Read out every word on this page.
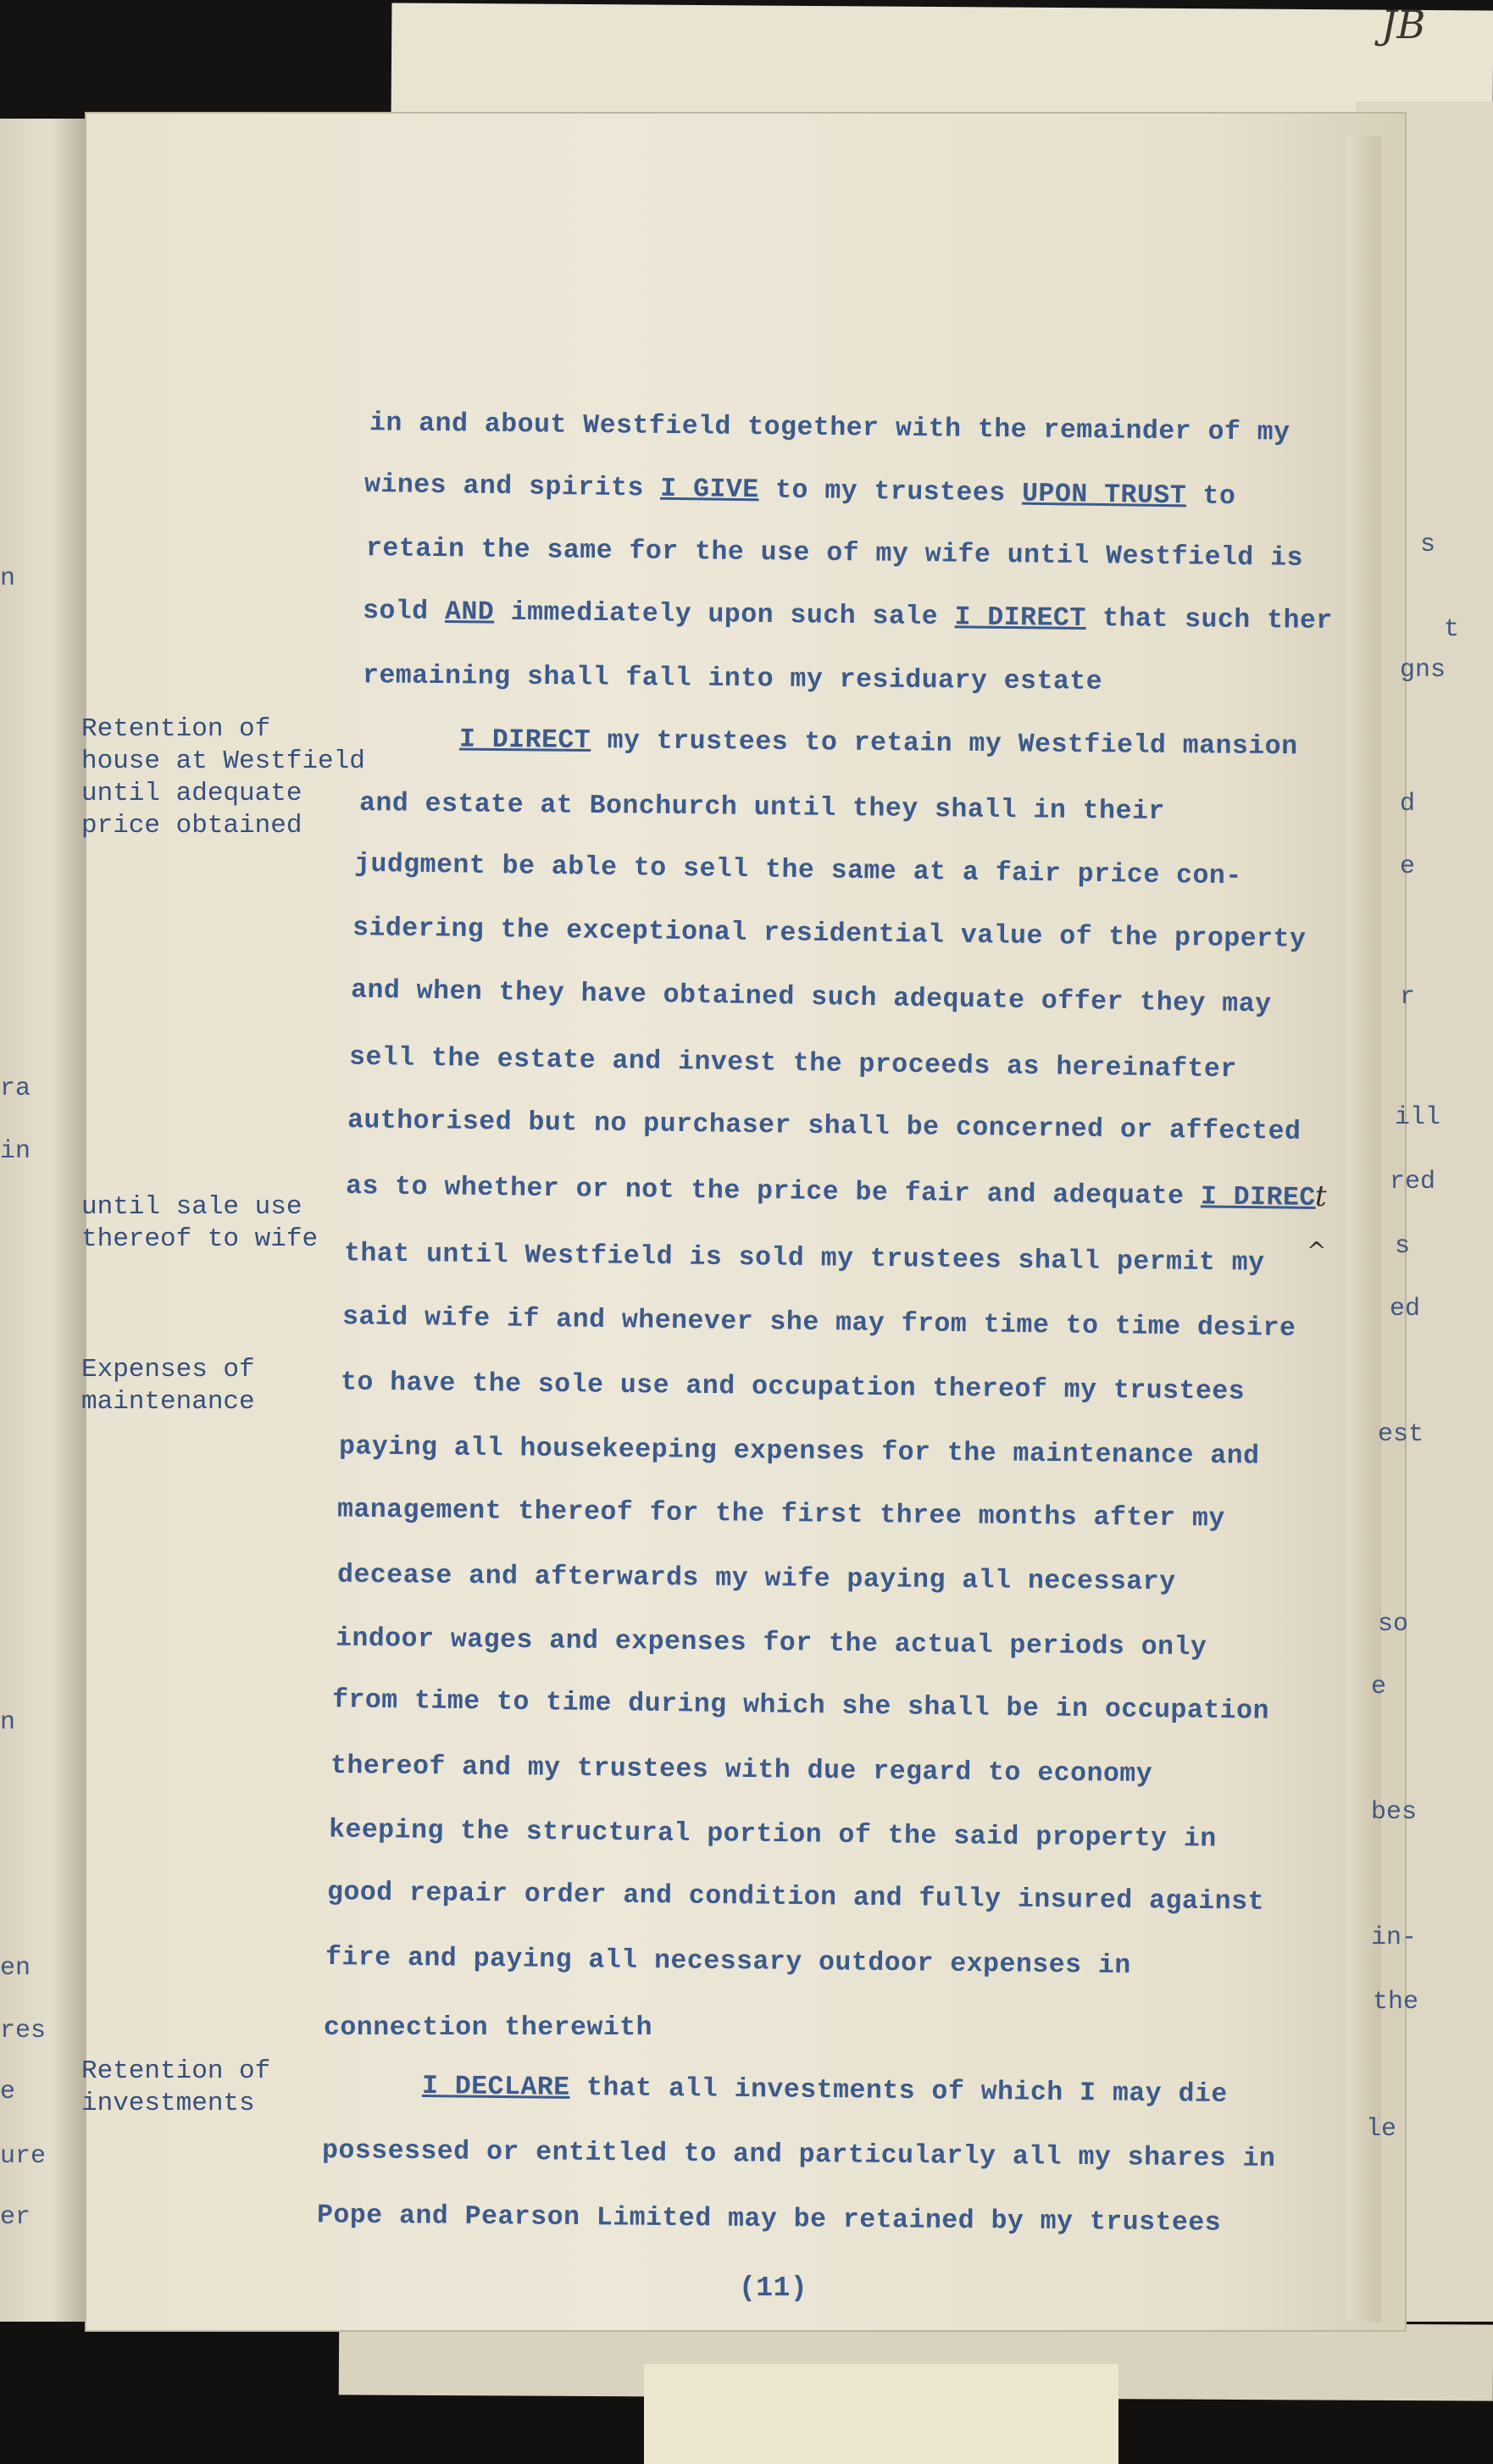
JB
in and about Westfield together with the remainder of my
wines and spirits I GIVE to my trustees UPON TRUST to
retain the same for the use of my wife until Westfield is
sold AND immediately upon such sale I DIRECT that such ther
remaining shall fall into my residuary estate
I DIRECT my trustees to retain my Westfield mansion
and estate at Bonchurch until they shall in their
judgment be able to sell the same at a fair price con-
sidering the exceptional residential value of the property
and when they have obtained such adequate offer they may
sell the estate and invest the proceeds as hereinafter
authorised but no purchaser shall be concerned or affected
as to whether or not the price be fair and adequate I DIREC
that until Westfield is sold my trustees shall permit my
said wife if and whenever she may from time to time desire
to have the sole use and occupation thereof my trustees
paying all housekeeping expenses for the maintenance and
management thereof for the first three months after my
decease and afterwards my wife paying all necessary
indoor wages and expenses for the actual periods only
from time to time during which she shall be in occupation
thereof and my trustees with due regard to economy
keeping the structural portion of the said property in
good repair order and condition and fully insured against
fire and paying all necessary outdoor expenses in
connection therewith
I DECLARE that all investments of which I may die
possessed or entitled to and particularly all my shares in
Pope and Pearson Limited may be retained by my trustees
Retention of
house at Westfield
until adequate
price obtained
until sale use
thereof to wife
Expenses of
maintenance
Retention of
investments
n
ra
in
n
en
res
e
ure
er
s
t
gns
d
e
r
ill
red
s
ed
est
so
e
bes
in-
the
le
(11)
t
^
